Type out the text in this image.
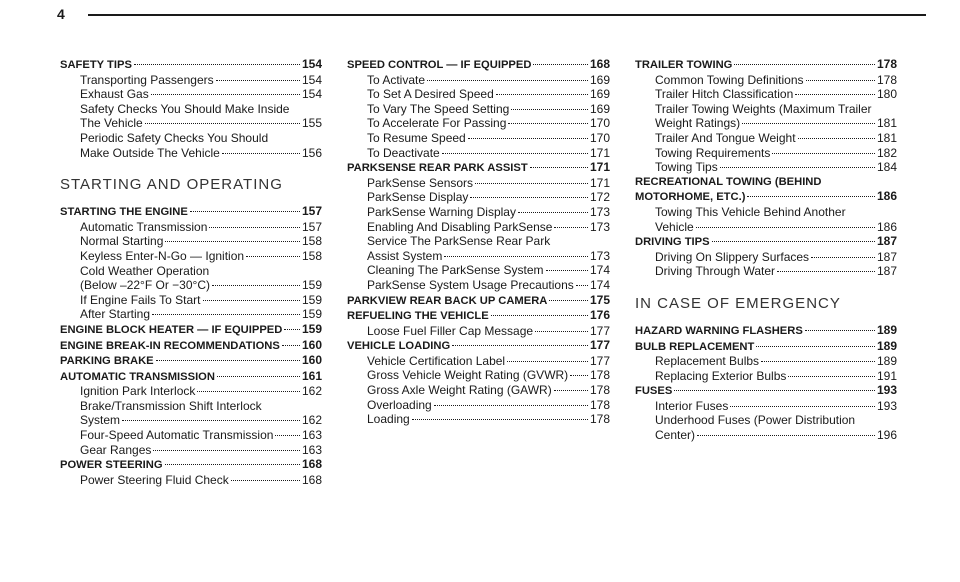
4
SAFETY TIPS	154
Transporting Passengers	154
Exhaust Gas	154
Safety Checks You Should Make Inside
The Vehicle	155
Periodic Safety Checks You Should
Make Outside The Vehicle	156
STARTING AND OPERATING
STARTING THE ENGINE	157
Automatic Transmission	157
Normal Starting	158
Keyless Enter-N-Go — Ignition	158
Cold Weather Operation
(Below –22°F Or −30°C)	159
If Engine Fails To Start	159
After Starting	159
ENGINE BLOCK HEATER — IF EQUIPPED 159
ENGINE BREAK-IN RECOMMENDATIONS 160
PARKING BRAKE	160
AUTOMATIC TRANSMISSION	161
Ignition Park Interlock	162
Brake/Transmission Shift Interlock
System	162
Four-Speed Automatic Transmission 163
Gear Ranges	163
POWER STEERING	168
Power Steering Fluid Check	168
SPEED CONTROL — IF EQUIPPED	168
To Activate	169
To Set A Desired Speed	169
To Vary The Speed Setting	169
To Accelerate For Passing	170
To Resume Speed	170
To Deactivate	171
PARKSENSE REAR PARK ASSIST	171
ParkSense Sensors	171
ParkSense Display	172
ParkSense Warning Display	173
Enabling And Disabling ParkSense	173
Service The ParkSense Rear Park
Assist System	173
Cleaning The ParkSense System	174
ParkSense System Usage Precautions 174
PARKVIEW REAR BACK UP CAMERA	175
REFUELING THE VEHICLE	176
Loose Fuel Filler Cap Message	177
VEHICLE LOADING	177
Vehicle Certification Label	177
Gross Vehicle Weight Rating (GVWR) 178
Gross Axle Weight Rating (GAWR)	178
Overloading	178
Loading	178
TRAILER TOWING	178
Common Towing Definitions	178
Trailer Hitch Classification	180
Trailer Towing Weights (Maximum Trailer
Weight Ratings)	181
Trailer And Tongue Weight	181
Towing Requirements	182
Towing Tips	184
RECREATIONAL TOWING (BEHIND
MOTORHOME, ETC.)	186
Towing This Vehicle Behind Another
Vehicle	186
DRIVING TIPS	187
Driving On Slippery Surfaces	187
Driving Through Water	187
IN CASE OF EMERGENCY
HAZARD WARNING FLASHERS	189
BULB REPLACEMENT	189
Replacement Bulbs	189
Replacing Exterior Bulbs	191
FUSES	193
Interior Fuses	193
Underhood Fuses (Power Distribution
Center)	196
